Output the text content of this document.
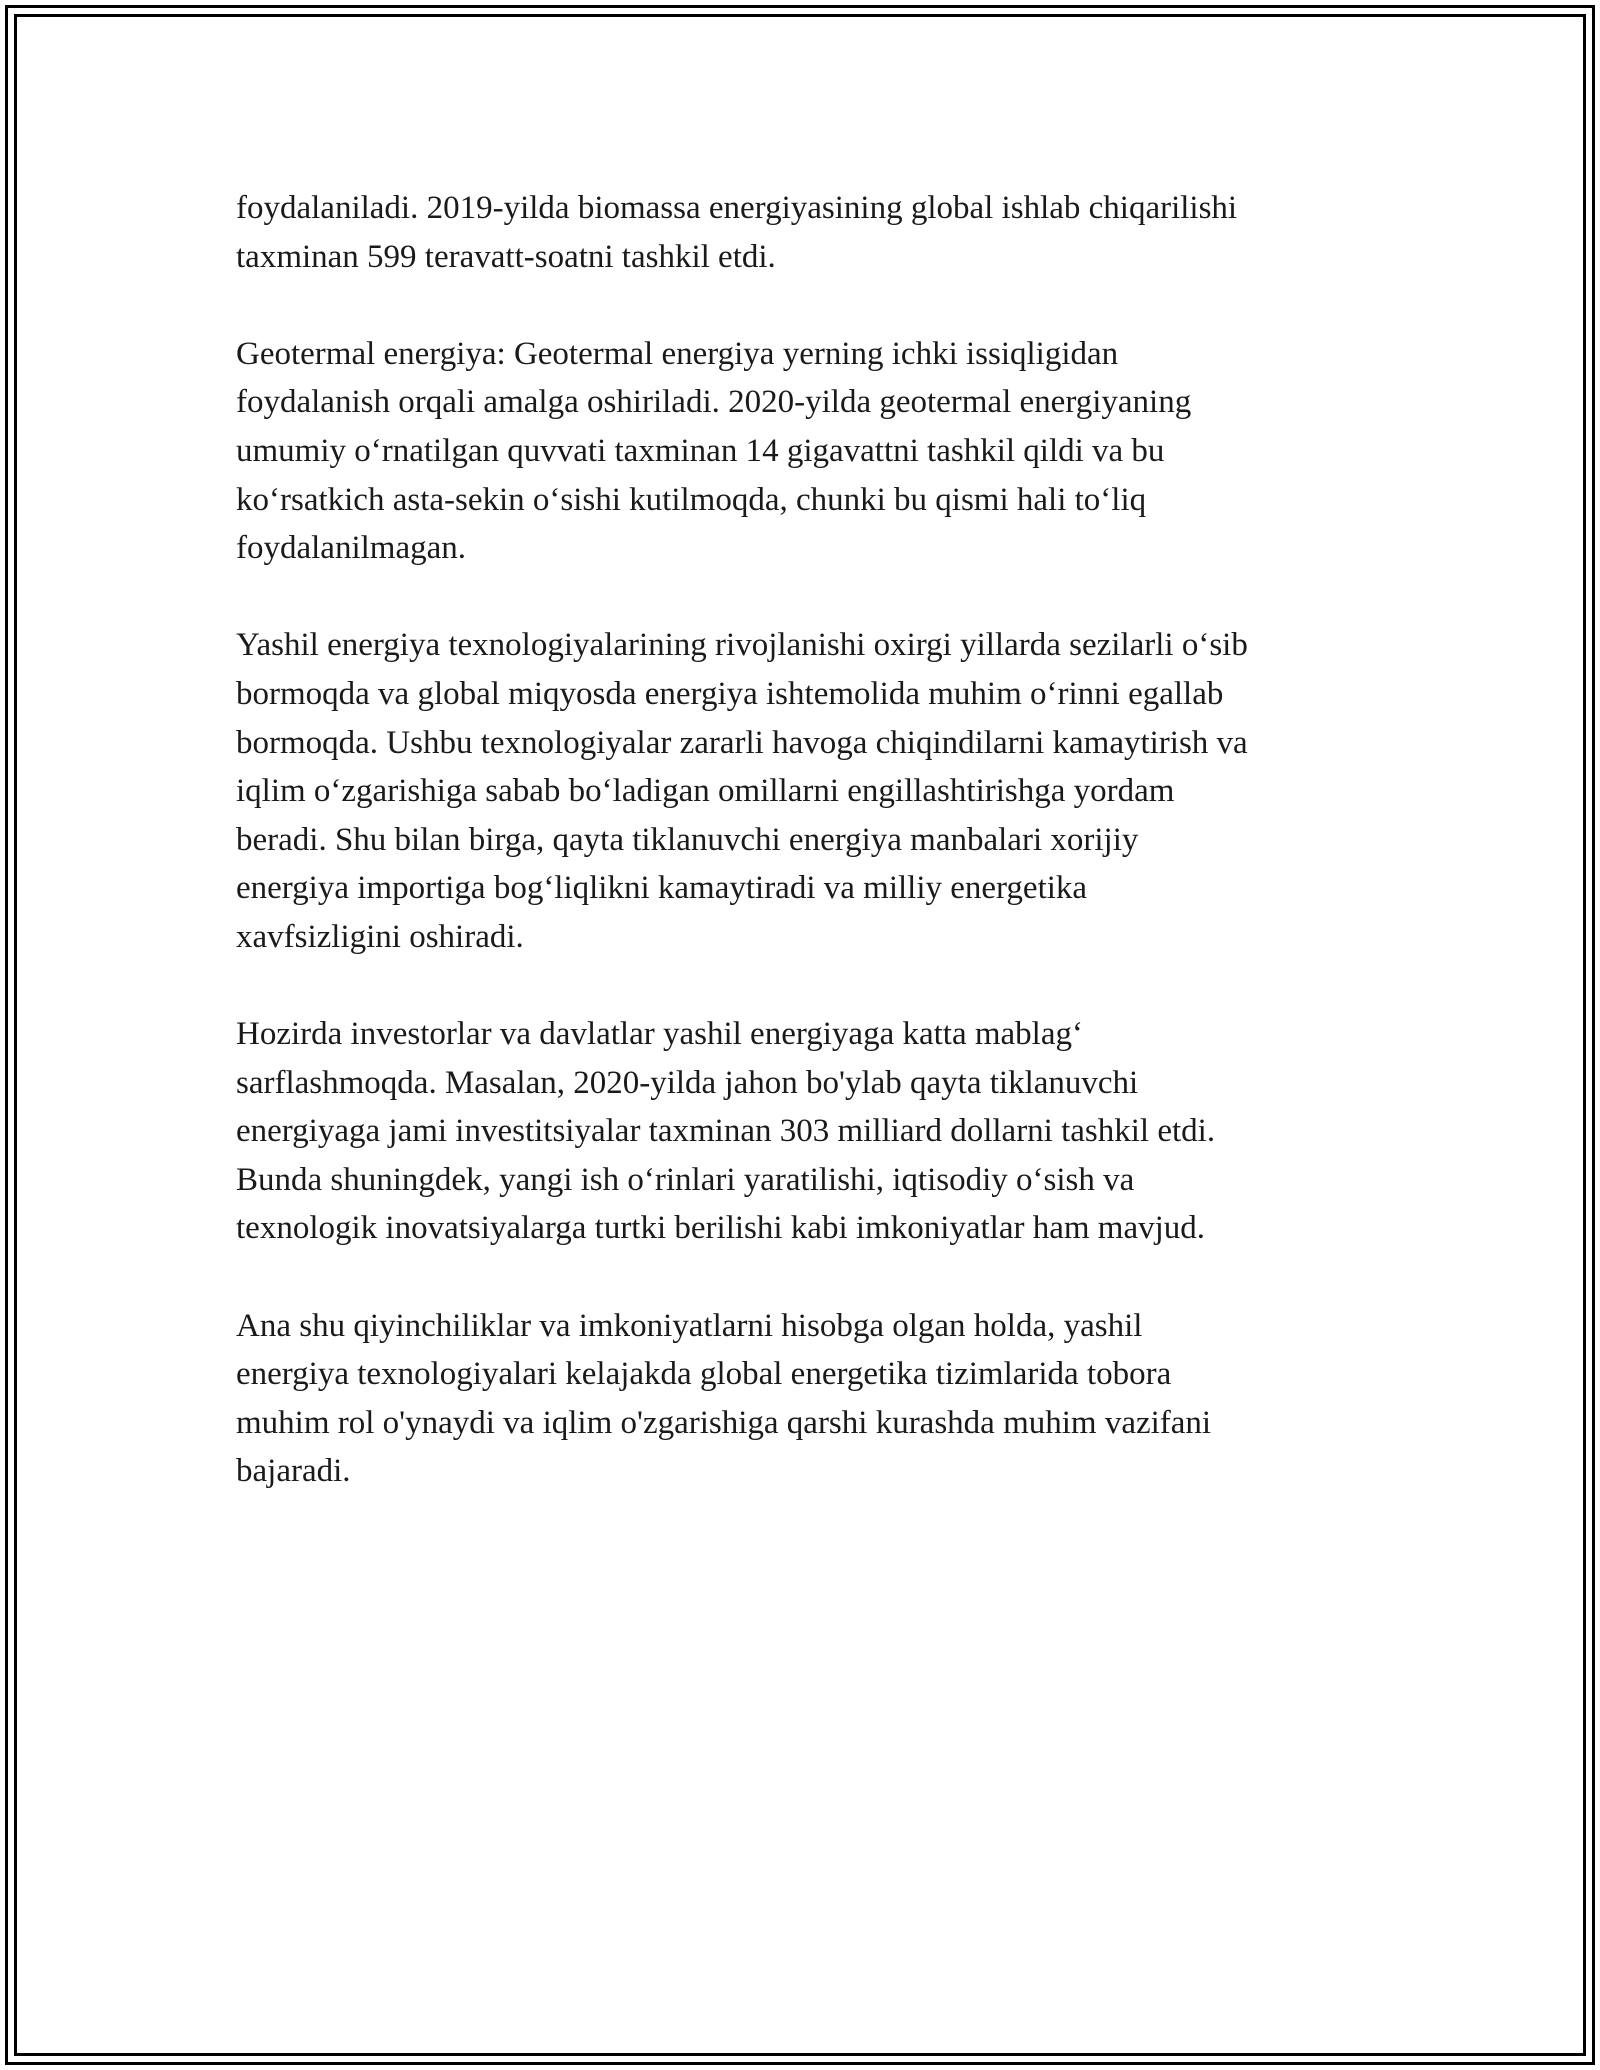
foydalaniladi. 2019-yilda biomassa energiyasining global ishlab chiqarilishi
taxminan 599 teravatt-soatni tashkil etdi.

Geotermal energiya: Geotermal energiya yerning ichki issiqligidan
foydalanish orqali amalga oshiriladi. 2020-yilda geotermal energiyaning
umumiy oʻrnatilgan quvvati taxminan 14 gigavattni tashkil qildi va bu
koʻrsatkich asta-sekin oʻsishi kutilmoqda, chunki bu qismi hali toʻliq
foydalanilmagan.

Yashil energiya texnologiyalarining rivojlanishi oxirgi yillarda sezilarli oʻsib
bormoqda va global miqyosda energiya ishtemolida muhim oʻrinni egallab
bormoqda. Ushbu texnologiyalar zararli havoga chiqindilarni kamaytirish va
iqlim oʻzgarishiga sabab boʻladigan omillarni engillashtirishga yordam
beradi. Shu bilan birga, qayta tiklanuvchi energiya manbalari xorijiy
energiya importiga bogʻliqlikni kamaytiradi va milliy energetika
xavfsizligini oshiradi.

Hozirda investorlar va davlatlar yashil energiyaga katta mablagʻ
sarflashmoqda. Masalan, 2020-yilda jahon bo'ylab qayta tiklanuvchi
energiyaga jami investitsiyalar taxminan 303 milliard dollarni tashkil etdi.
Bunda shuningdek, yangi ish oʻrinlari yaratilishi, iqtisodiy oʻsish va
texnologik inovatsiyalarga turtki berilishi kabi imkoniyatlar ham mavjud.

Ana shu qiyinchiliklar va imkoniyatlarni hisobga olgan holda, yashil
energiya texnologiyalari kelajakda global energetika tizimlarida tobora
muhim rol o'ynaydi va iqlim o'zgarishiga qarshi kurashda muhim vazifani
bajaradi.
